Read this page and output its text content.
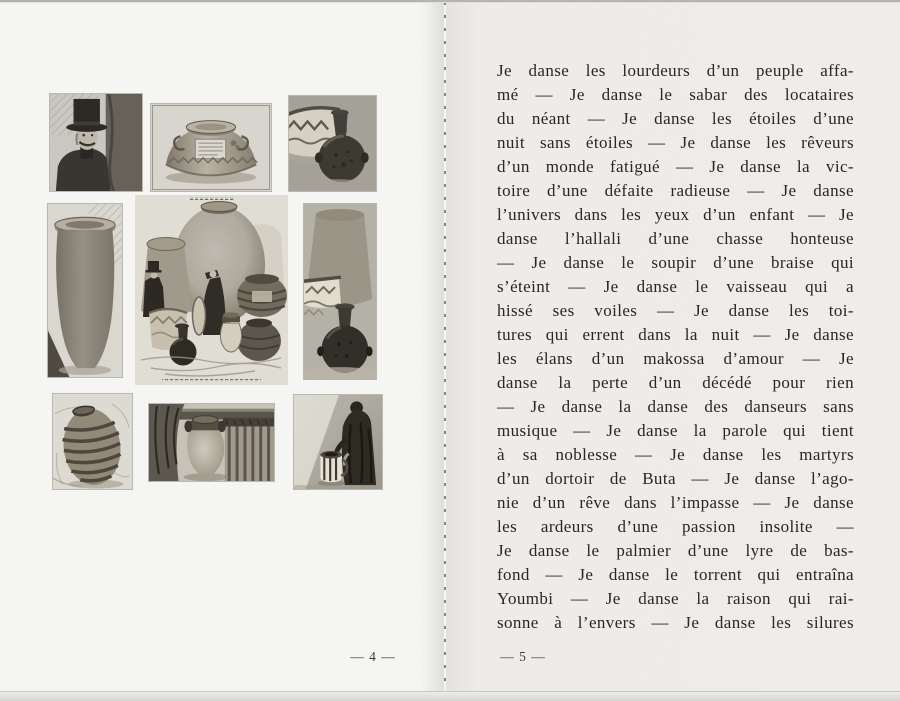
— 4 —
Je danse les lourdeurs d’un peuple affa-
mé — Je danse le sabar des locataires
du néant — Je danse les étoiles d’une
nuit sans étoiles — Je danse les rêveurs
d’un monde fatigué — Je danse la vic-
toire d’une défaite radieuse — Je danse
l’univers dans les yeux d’un enfant — Je
danse l’hallali d’une chasse honteuse
— Je danse le soupir d’une braise qui
s’éteint — Je danse le vaisseau qui a
hissé ses voiles — Je danse les toi-
tures qui errent dans la nuit — Je danse
les élans d’un makossa d’amour — Je
danse la perte d’un décédé pour rien
— Je danse la danse des danseurs sans
musique — Je danse la parole qui tient
à sa noblesse — Je danse les martyrs
d’un dortoir de Buta — Je danse l’ago-
nie d’un rêve dans l’impasse — Je danse
les ardeurs d’une passion insolite —
Je danse le palmier d’une lyre de bas-
fond — Je danse le torrent qui entraîna
Youmbi — Je danse la raison qui rai-
sonne à l’envers — Je danse les silures
— 5 —
